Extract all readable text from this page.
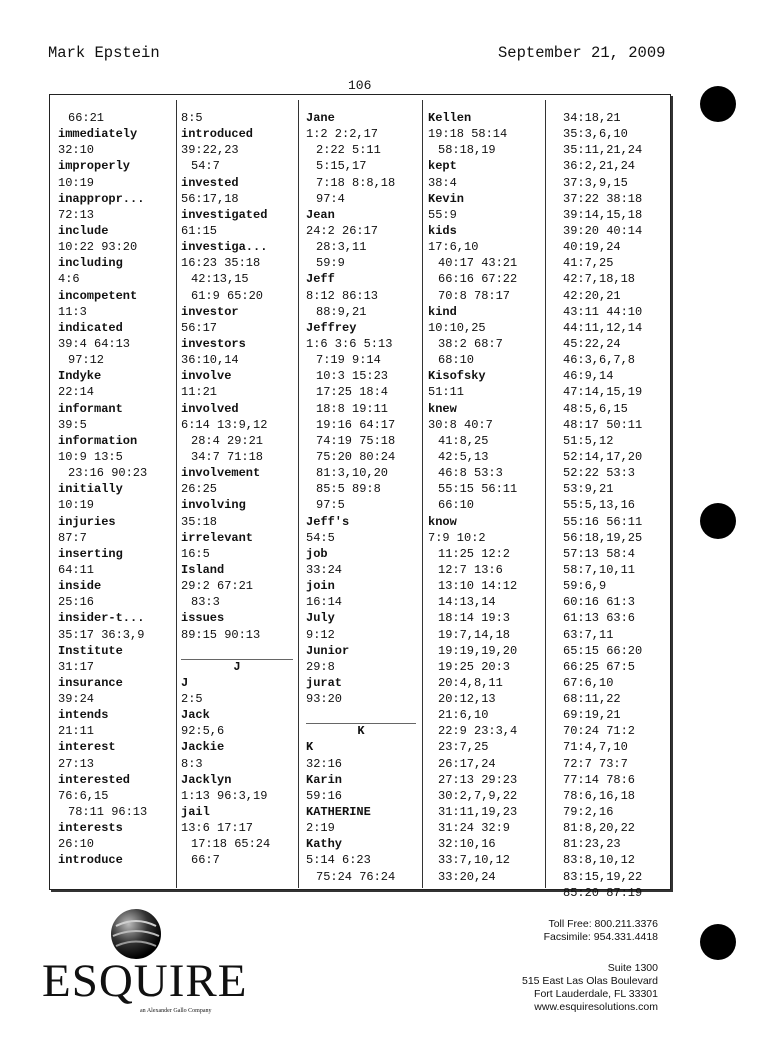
Mark Epstein	September 21, 2009
106
66:21
immediately
32:10
improperly
10:19
inappropr...
72:13
include
10:22 93:20
including
4:6
incompetent
11:3
indicated
39:4 64:13
97:12
Indyke
22:14
informant
39:5
information
10:9 13:5
23:16 90:23
initially
10:19
injuries
87:7
inserting
64:11
inside
25:16
insider-t...
35:17 36:3,9
Institute
31:17
insurance
39:24
intends
21:11
interest
27:13
interested
76:6,15
78:11 96:13
interests
26:10
introduce
8:5
introduced
39:22,23
54:7
invested
56:17,18
investigated
61:15
investiga...
16:23 35:18
42:13,15
61:9 65:20
investor
56:17
investors
36:10,14
involve
11:21
involved
6:14 13:9,12
28:4 29:21
34:7 71:18
involvement
26:25
involving
35:18
irrelevant
16:5
Island
29:2 67:21
83:3
issues
89:15 90:13
J
J
2:5
Jack
92:5,6
Jackie
8:3
Jacklyn
1:13 96:3,19
jail
13:6 17:17
17:18 65:24
66:7
Jane
1:2 2:2,17
2:22 5:11
5:15,17
7:18 8:8,18
97:4
Jean
24:2 26:17
28:3,11
59:9
Jeff
8:12 86:13
88:9,21
Jeffrey
1:6 3:6 5:13
7:19 9:14
10:3 15:23
17:25 18:4
18:8 19:11
19:16 64:17
74:19 75:18
75:20 80:24
81:3,10,20
85:5 89:8
97:5
Jeff's
54:5
job
33:24
join
16:14
July
9:12
Junior
29:8
jurat
93:20
K
K
32:16
Karin
59:16
KATHERINE
2:19
Kathy
5:14 6:23
75:24 76:24
Kellen
19:18 58:14
58:18,19
kept
38:4
Kevin
55:9
kids
17:6,10
40:17 43:21
66:16 67:22
70:8 78:17
kind
10:10,25
38:2 68:7
68:10
Kisofsky
51:11
knew
30:8 40:7
41:8,25
42:5,13
46:8 53:3
55:15 56:11
66:10
know
7:9 10:2
11:25 12:2
12:7 13:6
13:10 14:12
14:13,14
18:14 19:3
19:7,14,18
19:19,19,20
19:25 20:3
20:4,8,11
20:12,13
21:6,10
22:9 23:3,4
23:7,25
26:17,24
27:13 29:23
30:2,7,9,22
31:11,19,23
31:24 32:9
32:10,16
33:7,10,12
33:20,24
34:18,21
35:3,6,10
35:11,21,24
36:2,21,24
37:3,9,15
37:22 38:18
39:14,15,18
39:20 40:14
40:19,24
41:7,25
42:7,18,18
42:20,21
43:11 44:10
44:11,12,14
45:22,24
46:3,6,7,8
46:9,14
47:14,15,19
48:5,6,15
48:17 50:11
51:5,12
52:14,17,20
52:22 53:3
53:9,21
55:5,13,16
55:16 56:11
56:18,19,25
57:13 58:4
58:7,10,11
59:6,9
60:16 61:3
61:13 63:6
63:7,11
65:15 66:20
66:25 67:5
67:6,10
68:11,22
69:19,21
70:24 71:2
71:4,7,10
72:7 73:7
77:14 78:6
78:6,16,18
79:2,16
81:8,20,22
81:23,23
83:8,10,12
83:15,19,22
85:20 87:19
ESQUIRE
an Alexander Gallo Company
Toll Free: 800.211.3376
Facsimile: 954.331.4418
Suite 1300
515 East Las Olas Boulevard
Fort Lauderdale, FL 33301
www.esquiresolutions.com
